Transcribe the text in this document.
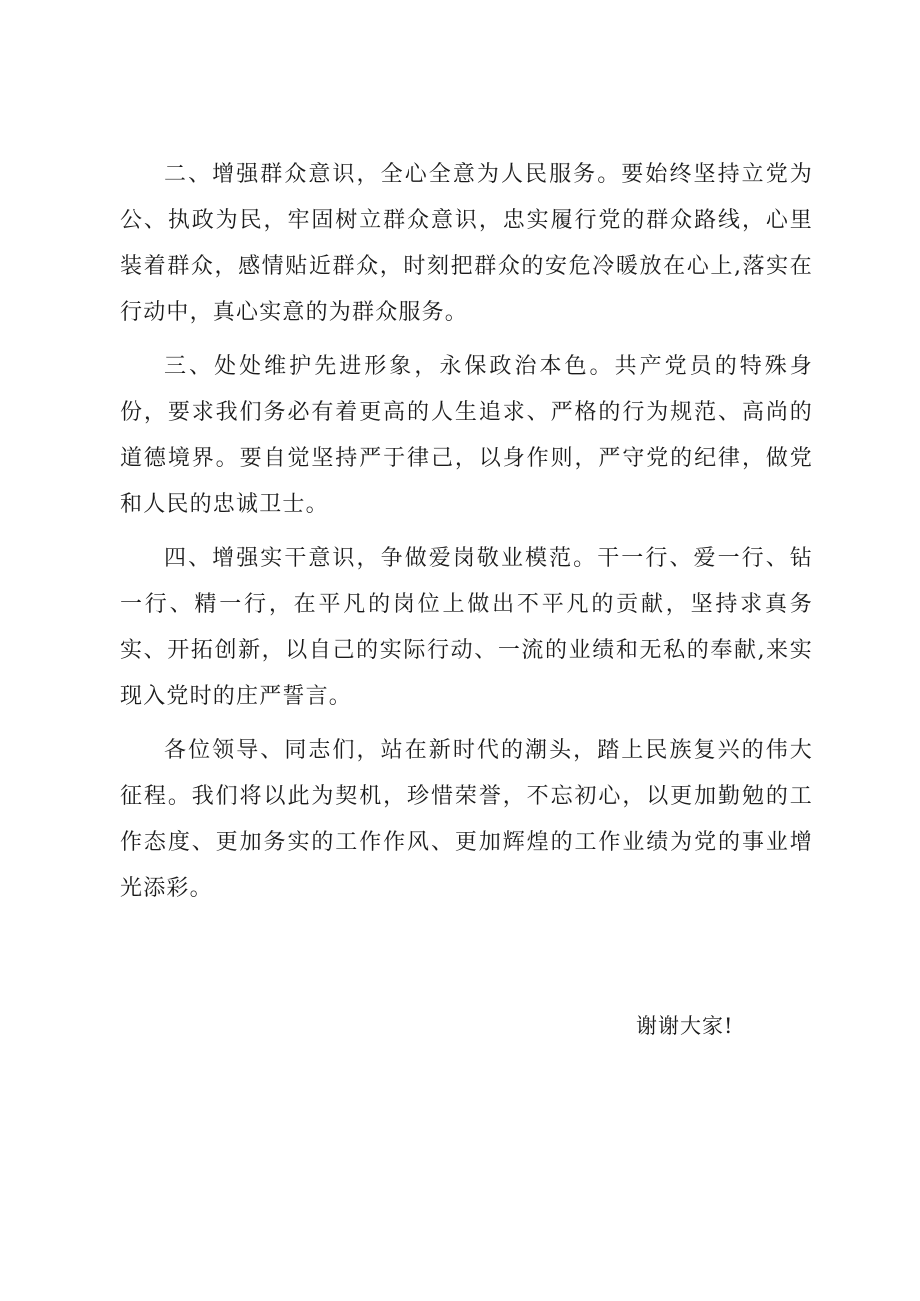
二、增强群众意识，全心全意为人民服务。要始终坚持立党为公、执政为民，牢固树立群众意识，忠实履行党的群众路线，心里装着群众，感情贴近群众，时刻把群众的安危冷暖放在心上,落实在行动中，真心实意的为群众服务。

三、处处维护先进形象，永保政治本色。共产党员的特殊身份，要求我们务必有着更高的人生追求、严格的行为规范、高尚的道德境界。要自觉坚持严于律己，以身作则，严守党的纪律，做党和人民的忠诚卫士。

四、增强实干意识，争做爱岗敬业模范。干一行、爱一行、钻一行、精一行，在平凡的岗位上做出不平凡的贡献，坚持求真务实、开拓创新，以自己的实际行动、一流的业绩和无私的奉献,来实现入党时的庄严誓言。

各位领导、同志们，站在新时代的潮头，踏上民族复兴的伟大征程。我们将以此为契机，珍惜荣誉，不忘初心，以更加勤勉的工作态度、更加务实的工作作风、更加辉煌的工作业绩为党的事业增光添彩。

谢谢大家!
